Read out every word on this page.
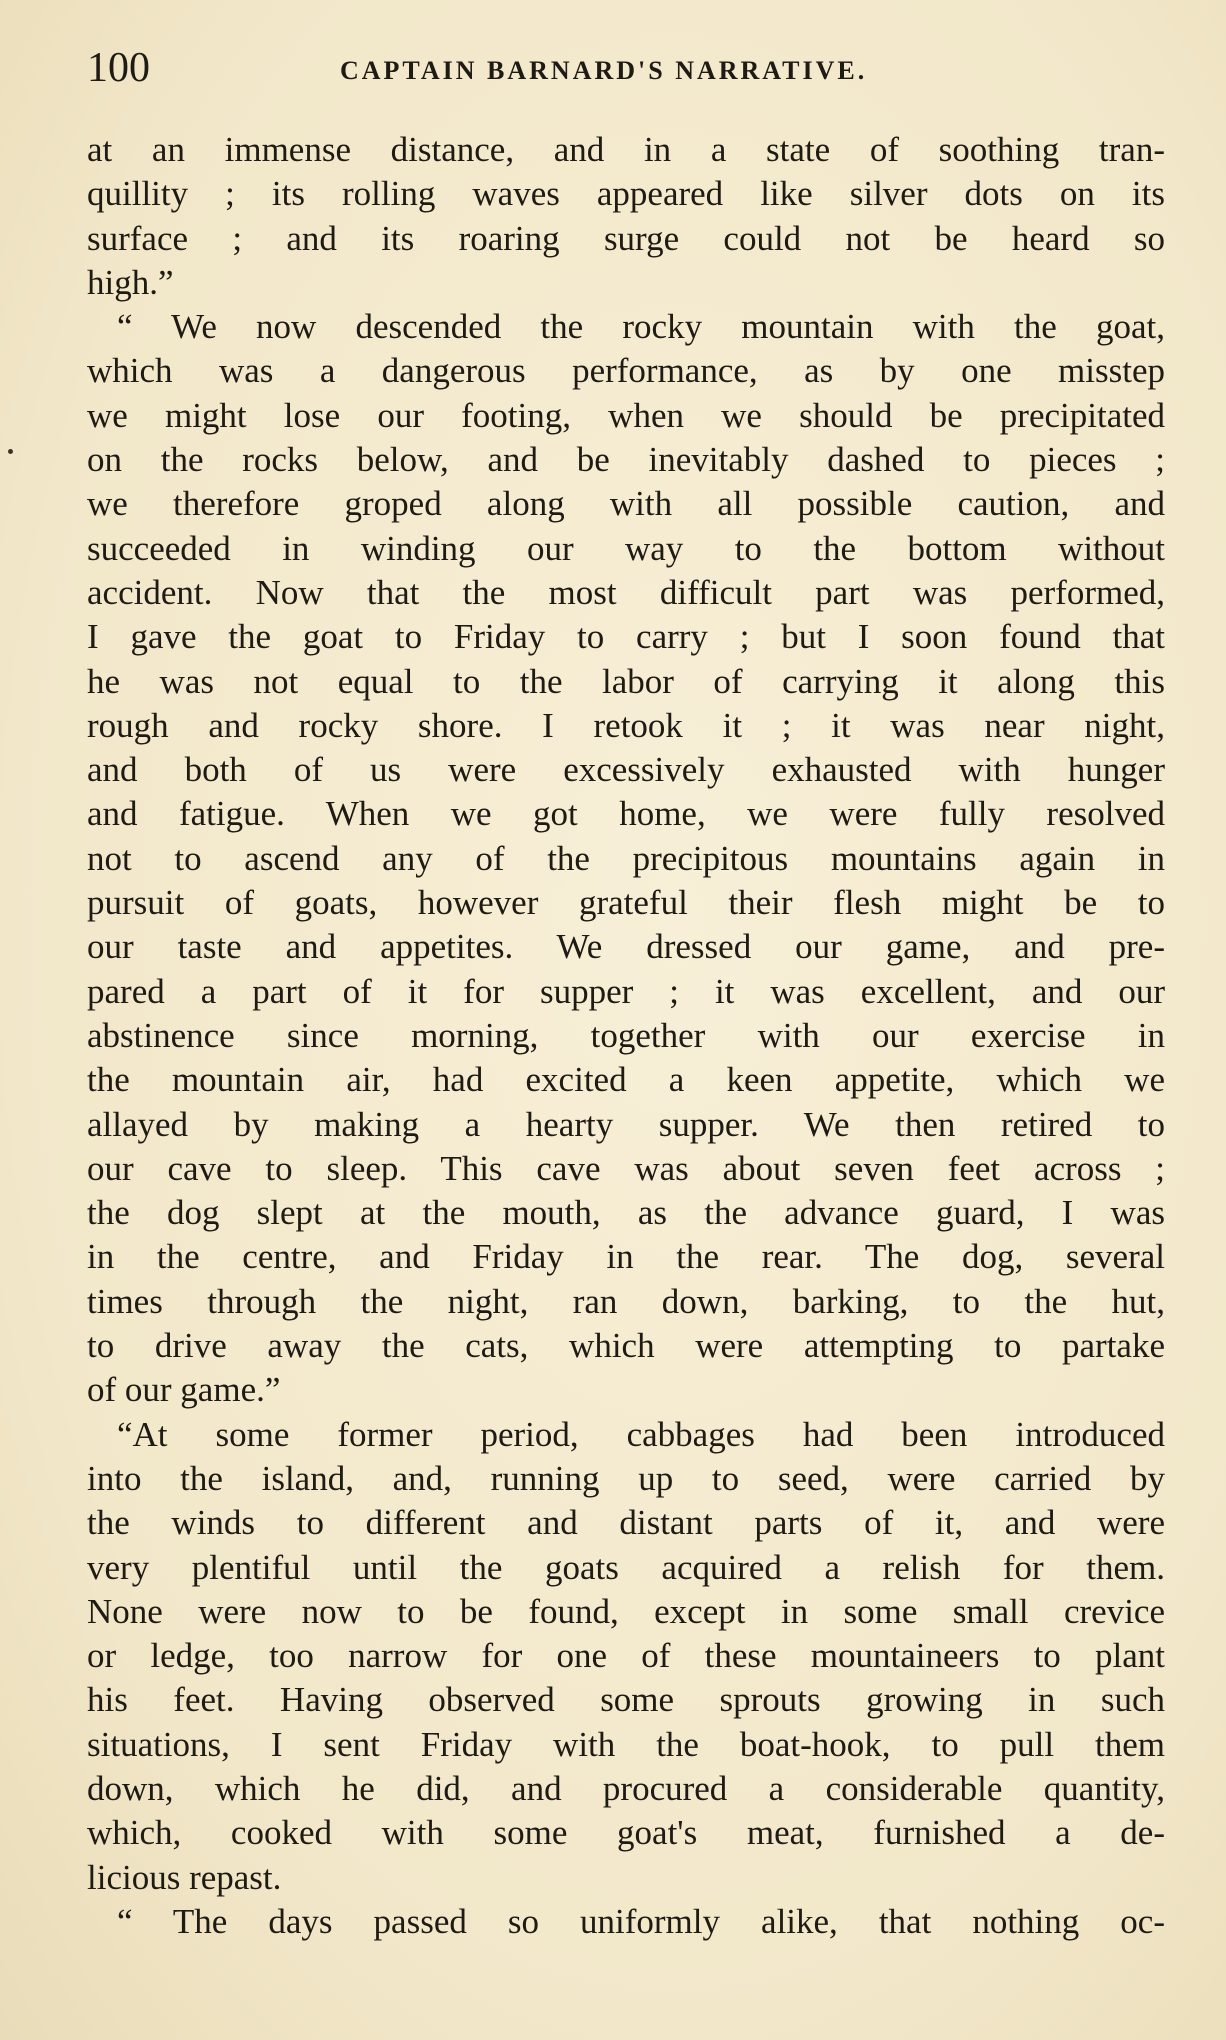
100	CAPTAIN BARNARD'S NARRATIVE.
at an immense distance, and in a state of soothing tran-
quillity ; its rolling waves appeared like silver dots on its
surface ; and its roaring surge could not be heard so
high.”
“ We now descended the rocky mountain with the goat,
which was a dangerous performance, as by one misstep
we might lose our footing, when we should be precipitated
on the rocks below, and be inevitably dashed to pieces ;
we therefore groped along with all possible caution, and
succeeded in winding our way to the bottom without
accident. Now that the most difficult part was performed,
I gave the goat to Friday to carry ; but I soon found that
he was not equal to the labor of carrying it along this
rough and rocky shore. I retook it ; it was near night,
and both of us were excessively exhausted with hunger
and fatigue. When we got home, we were fully resolved
not to ascend any of the precipitous mountains again in
pursuit of goats, however grateful their flesh might be to
our taste and appetites. We dressed our game, and pre-
pared a part of it for supper ; it was excellent, and our
abstinence since morning, together with our exercise in
the mountain air, had excited a keen appetite, which we
allayed by making a hearty supper. We then retired to
our cave to sleep. This cave was about seven feet across ;
the dog slept at the mouth, as the advance guard, I was
in the centre, and Friday in the rear. The dog, several
times through the night, ran down, barking, to the hut,
to drive away the cats, which were attempting to partake
of our game.”
“At some former period, cabbages had been introduced
into the island, and, running up to seed, were carried by
the winds to different and distant parts of it, and were
very plentiful until the goats acquired a relish for them.
None were now to be found, except in some small crevice
or ledge, too narrow for one of these mountaineers to plant
his feet. Having observed some sprouts growing in such
situations, I sent Friday with the boat-hook, to pull them
down, which he did, and procured a considerable quantity,
which, cooked with some goat's meat, furnished a de-
licious repast.
“ The days passed so uniformly alike, that nothing oc-
